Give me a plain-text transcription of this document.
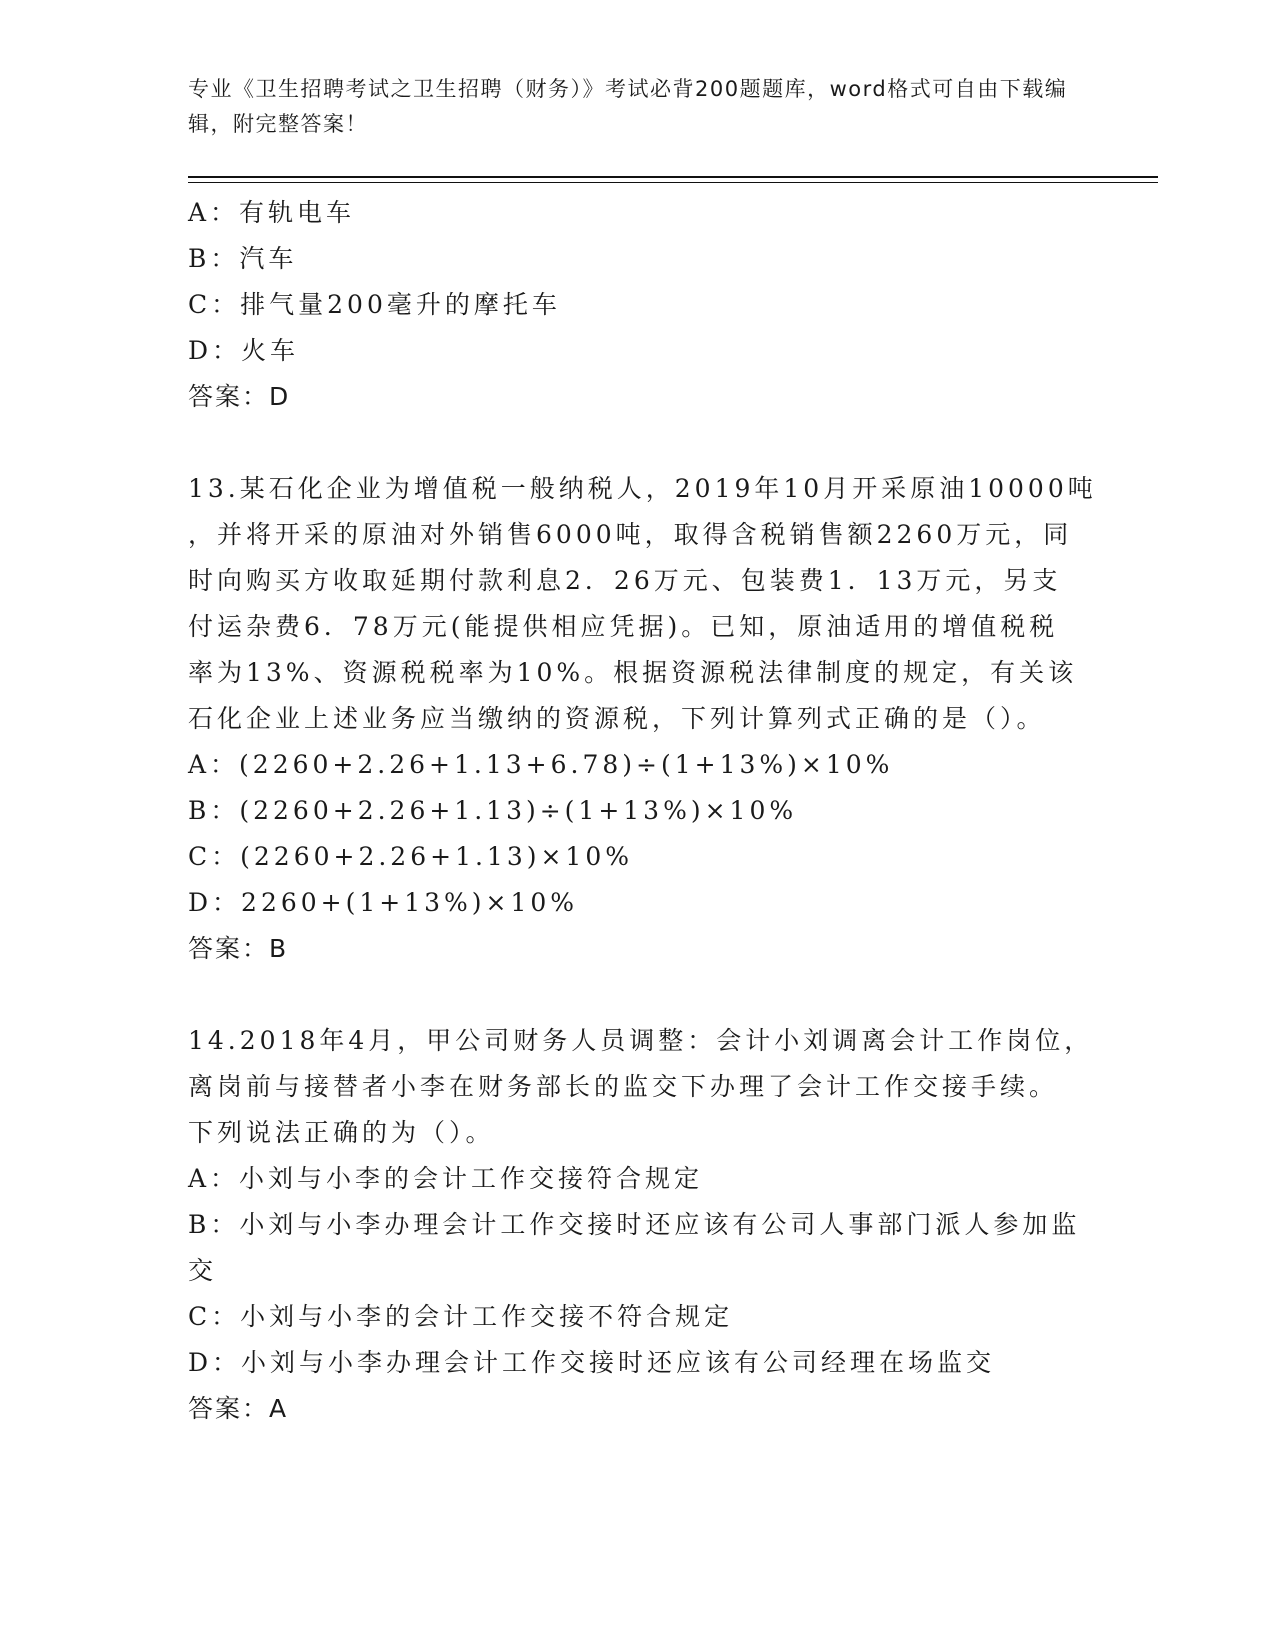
专业《卫生招聘考试之卫生招聘（财务）》考试必背200题题库，word格式可自由下载编辑，附完整答案！
A：有轨电车
B：汽车
C：排气量200毫升的摩托车
D：火车
答案：D
13.某石化企业为增值税一般纳税人，2019年10月开采原油10000吨
，并将开采的原油对外销售6000吨，取得含税销售额2260万元，同
时向购买方收取延期付款利息2．26万元、包装费1．13万元，另支
付运杂费6．78万元(能提供相应凭据)。已知，原油适用的增值税税
率为13%、资源税税率为10%。根据资源税法律制度的规定，有关该
石化企业上述业务应当缴纳的资源税，下列计算列式正确的是（）。
A：(2260+2.26+1.13+6.78)÷(1+13%)×10%
B：(2260+2.26+1.13)÷(1+13%)×10%
C：(2260+2.26+1.13)×10%
D：2260+(1+13%)×10%
答案：B
14.2018年4月，甲公司财务人员调整：会计小刘调离会计工作岗位，
离岗前与接替者小李在财务部长的监交下办理了会计工作交接手续。
下列说法正确的为（）。
A：小刘与小李的会计工作交接符合规定
B：小刘与小李办理会计工作交接时还应该有公司人事部门派人参加监
交
C：小刘与小李的会计工作交接不符合规定
D：小刘与小李办理会计工作交接时还应该有公司经理在场监交
答案：A
